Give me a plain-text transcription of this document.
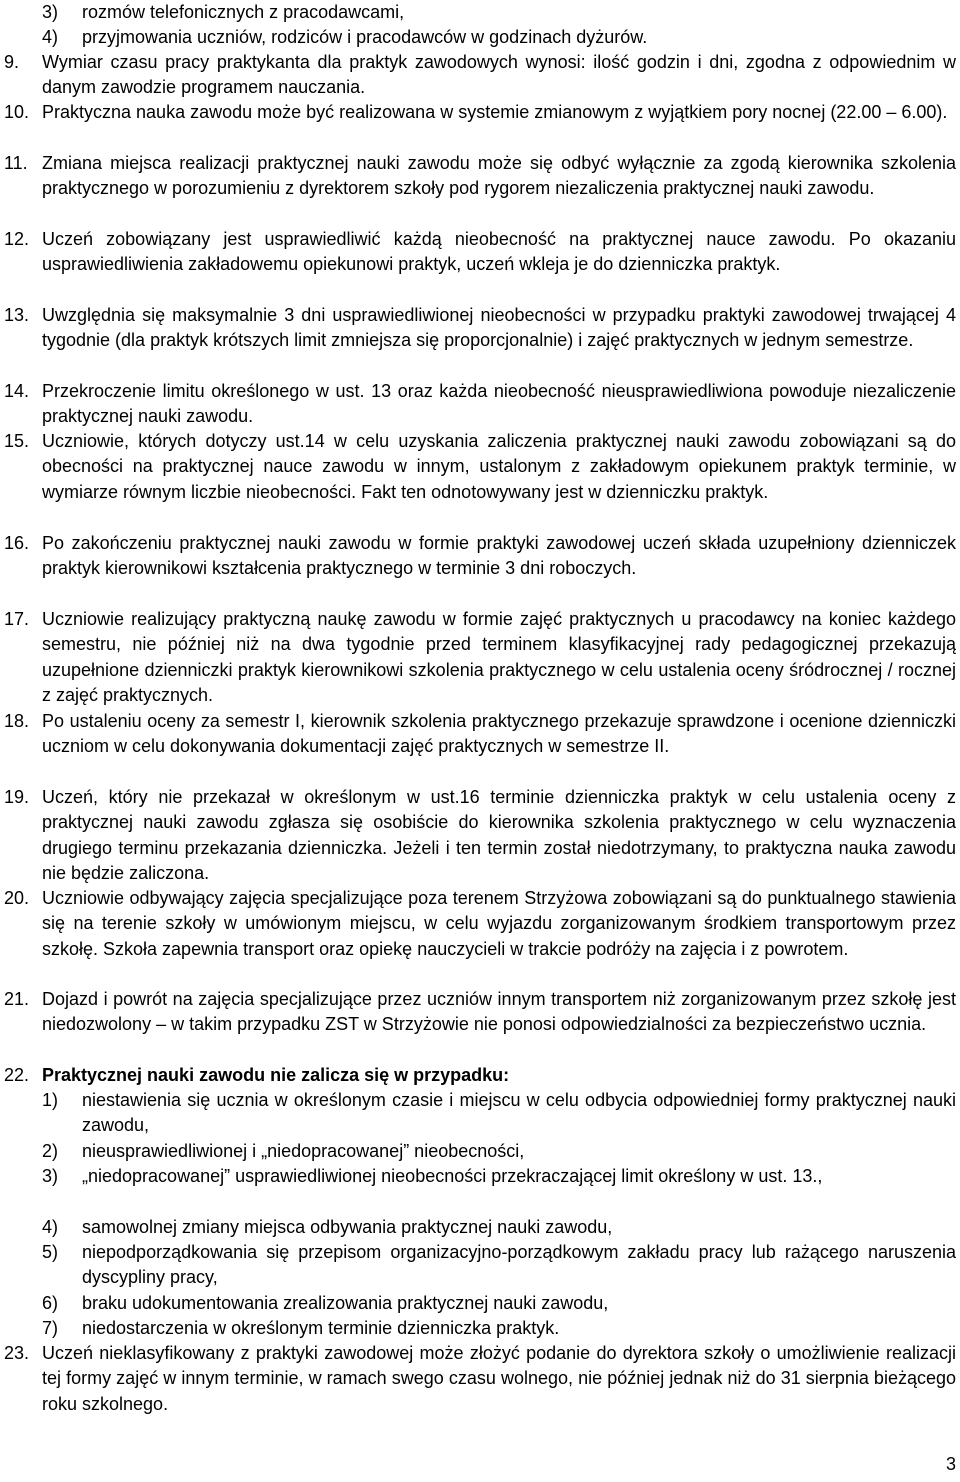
3) rozmów telefonicznych z pracodawcami,
4) przyjmowania uczniów, rodziców i pracodawców w godzinach dyżurów.
9. Wymiar czasu pracy praktykanta dla praktyk zawodowych wynosi: ilość godzin i dni, zgodna z odpowiednim w danym zawodzie programem nauczania.
10. Praktyczna nauka zawodu może być realizowana w systemie zmianowym z wyjątkiem pory nocnej (22.00 – 6.00).
11. Zmiana miejsca realizacji praktycznej nauki zawodu może się odbyć wyłącznie za zgodą kierownika szkolenia praktycznego w porozumieniu z dyrektorem szkoły pod rygorem niezaliczenia praktycznej nauki zawodu.
12. Uczeń zobowiązany jest usprawiedliwić każdą nieobecność na praktycznej nauce zawodu. Po okazaniu usprawiedliwienia zakładowemu opiekunowi praktyk, uczeń wkleja je do dzienniczka praktyk.
13. Uwzględnia się maksymalnie 3 dni usprawiedliwionej nieobecności w przypadku praktyki zawodowej trwającej 4 tygodnie (dla praktyk krótszych limit zmniejsza się proporcjonalnie) i zajęć praktycznych w jednym semestrze.
14. Przekroczenie limitu określonego w ust. 13 oraz każda nieobecność nieusprawiedliwiona powoduje niezaliczenie praktycznej nauki zawodu.
15. Uczniowie, których dotyczy ust.14 w celu uzyskania zaliczenia praktycznej nauki zawodu zobowiązani są do obecności na praktycznej nauce zawodu w innym, ustalonym z zakładowym opiekunem praktyk terminie, w wymiarze równym liczbie nieobecności. Fakt ten odnotowywany jest w dzienniczku praktyk.
16. Po zakończeniu praktycznej nauki zawodu w formie praktyki zawodowej uczeń składa uzupełniony dzienniczek praktyk kierownikowi kształcenia praktycznego w terminie 3 dni roboczych.
17. Uczniowie realizujący praktyczną naukę zawodu w formie zajęć praktycznych u pracodawcy na koniec każdego semestru, nie później niż na dwa tygodnie przed terminem klasyfikacyjnej rady pedagogicznej przekazują uzupełnione dzienniczki praktyk kierownikowi szkolenia praktycznego w celu ustalenia oceny śródrocznej / rocznej z zajęć praktycznych.
18. Po ustaleniu oceny za semestr I, kierownik szkolenia praktycznego przekazuje sprawdzone i ocenione dzienniczki uczniom w celu dokonywania dokumentacji zajęć praktycznych w semestrze II.
19. Uczeń, który nie przekazał w określonym w ust.16 terminie dzienniczka praktyk w celu ustalenia oceny z praktycznej nauki zawodu zgłasza się osobiście do kierownika szkolenia praktycznego w celu wyznaczenia drugiego terminu przekazania dzienniczka. Jeżeli i ten termin został niedotrzymany, to praktyczna nauka zawodu nie będzie zaliczona.
20. Uczniowie odbywający zajęcia specjalizujące poza terenem Strzyżowa zobowiązani są do punktualnego stawienia się na terenie szkoły w umówionym miejscu, w celu wyjazdu zorganizowanym środkiem transportowym przez szkołę. Szkoła zapewnia transport oraz opiekę nauczycieli w trakcie podróży na zajęcia i z powrotem.
21. Dojazd i powrót na zajęcia specjalizujące przez uczniów innym transportem niż zorganizowanym przez szkołę jest niedozwolony – w takim przypadku ZST w Strzyżowie nie ponosi odpowiedzialności za bezpieczeństwo ucznia.
22. Praktycznej nauki zawodu nie zalicza się w przypadku:
1) niestawienia się ucznia w określonym czasie i miejscu w celu odbycia odpowiedniej formy praktycznej nauki zawodu,
2) nieusprawiedliwionej i „niedopracowanej” nieobecności,
3) „niedopracowanej” usprawiedliwionej nieobecności przekraczającej limit określony w ust. 13.,
4) samowolnej zmiany miejsca odbywania praktycznej nauki zawodu,
5) niepodporządkowania się przepisom organizacyjno-porządkowym zakładu pracy lub rażącego naruszenia dyscypliny pracy,
6) braku udokumentowania zrealizowania praktycznej nauki zawodu,
7) niedostarczenia w określonym terminie dzienniczka praktyk.
23. Uczeń nieklasyfikowany z praktyki zawodowej może złożyć podanie do dyrektora szkoły o umożliwienie realizacji tej formy zajęć w innym terminie, w ramach swego czasu wolnego, nie później jednak niż do 31 sierpnia bieżącego roku szkolnego.
3
